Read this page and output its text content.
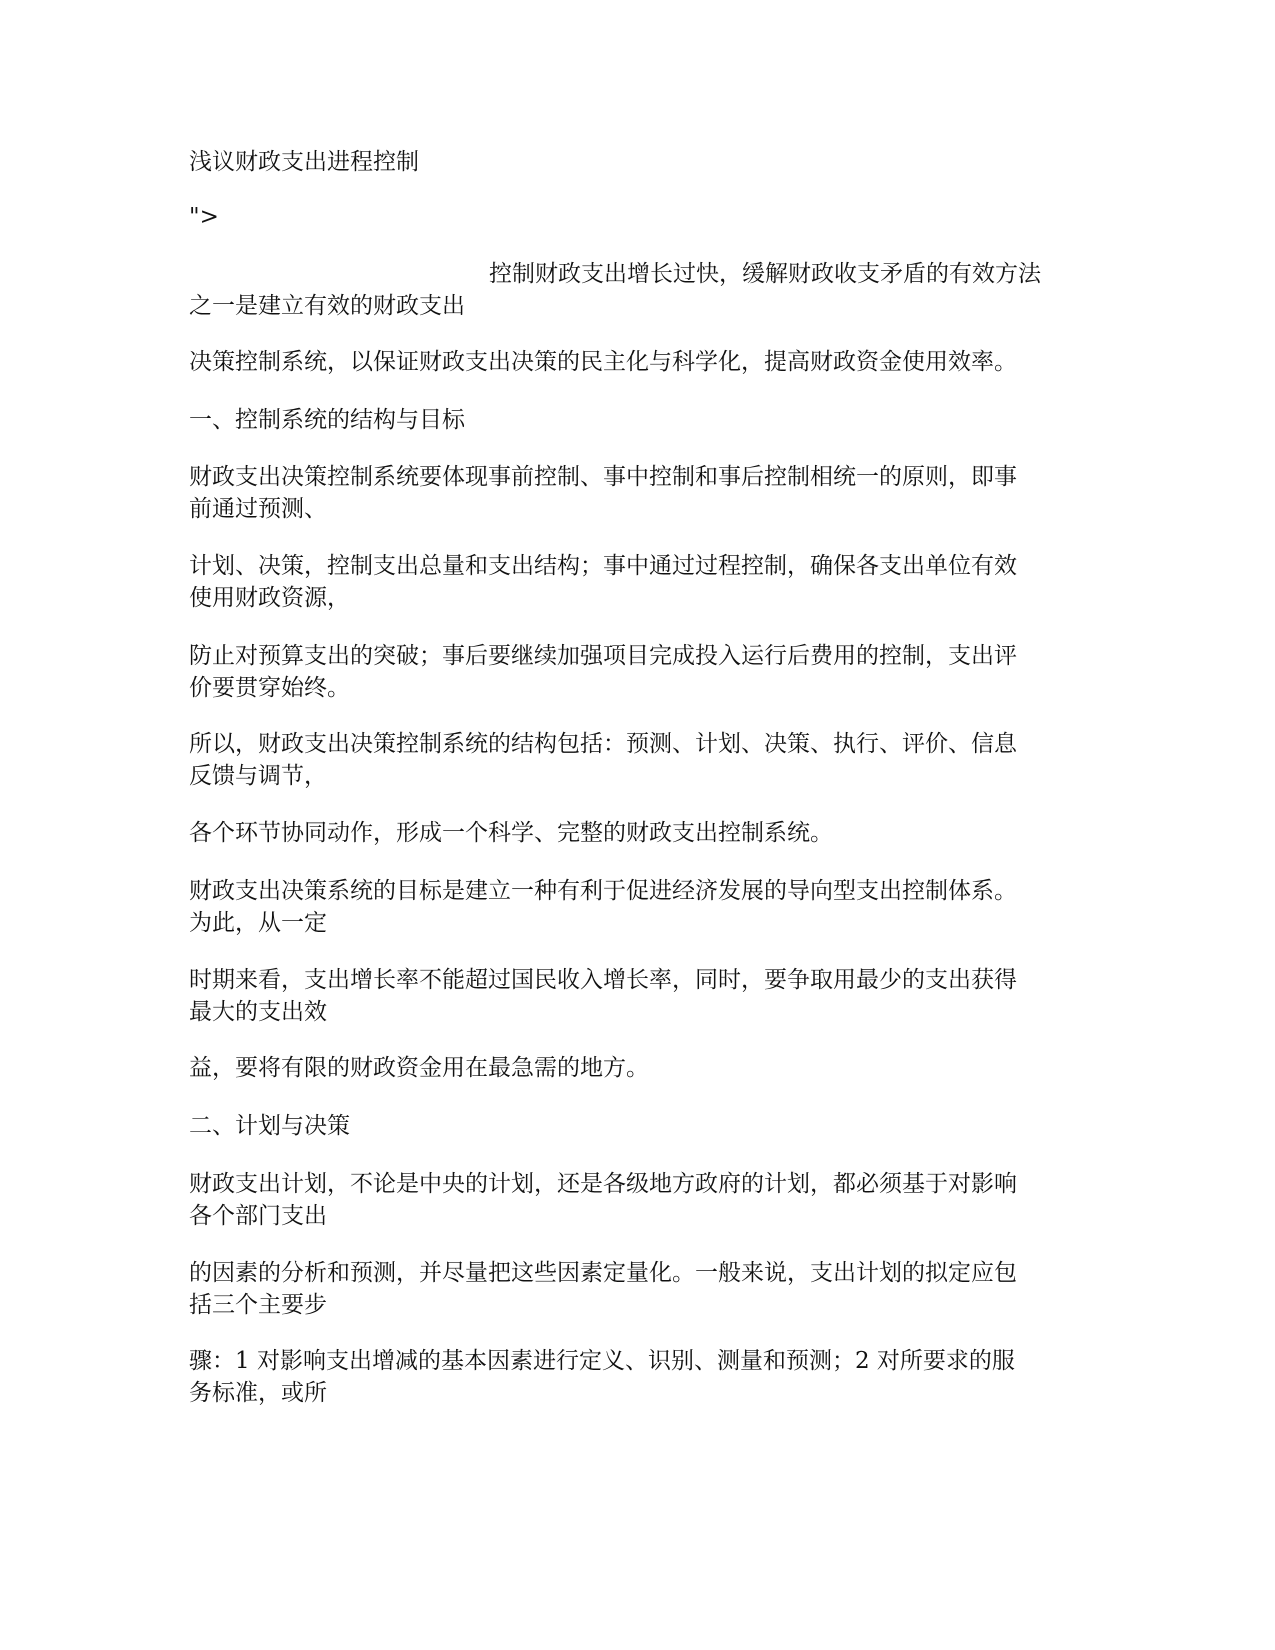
浅议财政支出进程控制

">

控制财政支出增长过快，缓解财政收支矛盾的有效方法
之一是建立有效的财政支出

决策控制系统，以保证财政支出决策的民主化与科学化，提高财政资金使用效率。

一、控制系统的结构与目标

财政支出决策控制系统要体现事前控制、事中控制和事后控制相统一的原则，即事
前通过预测、

计划、决策，控制支出总量和支出结构；事中通过过程控制，确保各支出单位有效
使用财政资源，

防止对预算支出的突破；事后要继续加强项目完成投入运行后费用的控制，支出评
价要贯穿始终。

所以，财政支出决策控制系统的结构包括：预测、计划、决策、执行、评价、信息
反馈与调节，

各个环节协同动作，形成一个科学、完整的财政支出控制系统。

财政支出决策系统的目标是建立一种有利于促进经济发展的导向型支出控制体系。
为此，从一定

时期来看，支出增长率不能超过国民收入增长率，同时，要争取用最少的支出获得
最大的支出效

益，要将有限的财政资金用在最急需的地方。

二、计划与决策

财政支出计划，不论是中央的计划，还是各级地方政府的计划，都必须基于对影响
各个部门支出

的因素的分析和预测，并尽量把这些因素定量化。一般来说，支出计划的拟定应包
括三个主要步

骤：1 对影响支出增减的基本因素进行定义、识别、测量和预测；2 对所要求的服
务标准，或所
